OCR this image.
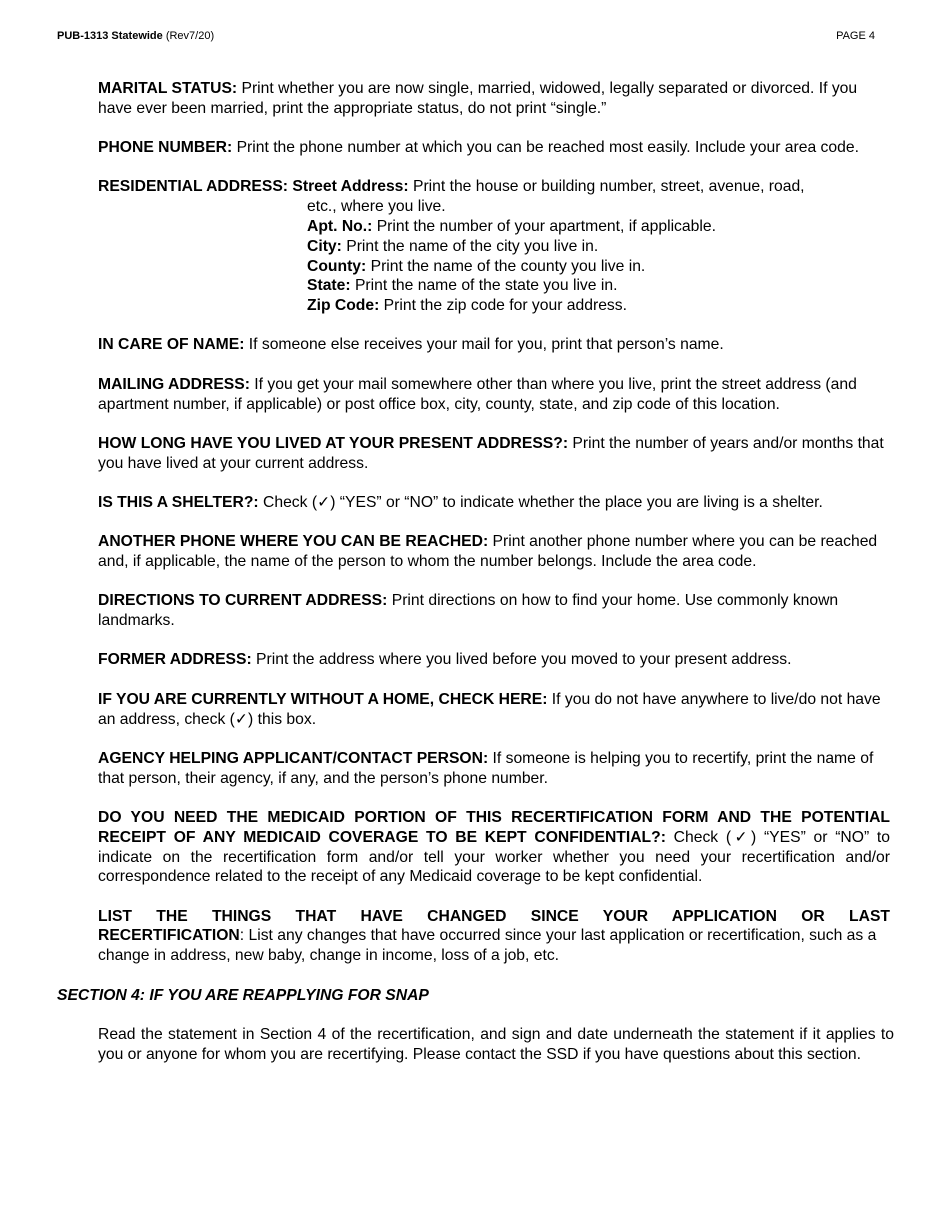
PUB-1313 Statewide (Rev7/20)	PAGE 4

MARITAL STATUS: Print whether you are now single, married, widowed, legally separated or divorced. If you have ever been married, print the appropriate status, do not print “single.”

PHONE NUMBER: Print the phone number at which you can be reached most easily. Include your area code.

RESIDENTIAL ADDRESS: Street Address: Print the house or building number, street, avenue, road,
etc., where you live.
Apt. No.: Print the number of your apartment, if applicable.
City: Print the name of the city you live in.
County: Print the name of the county you live in.
State: Print the name of the state you live in.
Zip Code: Print the zip code for your address.

IN CARE OF NAME: If someone else receives your mail for you, print that person’s name.

MAILING ADDRESS: If you get your mail somewhere other than where you live, print the street address (and apartment number, if applicable) or post office box, city, county, state, and zip code of this location.

HOW LONG HAVE YOU LIVED AT YOUR PRESENT ADDRESS?: Print the number of years and/or months that you have lived at your current address.

IS THIS A SHELTER?: Check (✓) “YES” or “NO” to indicate whether the place you are living is a shelter.

ANOTHER PHONE WHERE YOU CAN BE REACHED: Print another phone number where you can be reached and, if applicable, the name of the person to whom the number belongs. Include the area code.

DIRECTIONS TO CURRENT ADDRESS: Print directions on how to find your home. Use commonly known landmarks.

FORMER ADDRESS: Print the address where you lived before you moved to your present address.

IF YOU ARE CURRENTLY WITHOUT A HOME, CHECK HERE: If you do not have anywhere to live/do not have an address, check (✓) this box.

AGENCY HELPING APPLICANT/CONTACT PERSON: If someone is helping you to recertify, print the name of that person, their agency, if any, and the person’s phone number.

DO YOU NEED THE MEDICAID PORTION OF THIS RECERTIFICATION FORM AND THE POTENTIAL RECEIPT OF ANY MEDICAID COVERAGE TO BE KEPT CONFIDENTIAL?: Check (✓) “YES” or “NO” to indicate on the recertification form and/or tell your worker whether you need your recertification and/or correspondence related to the receipt of any Medicaid coverage to be kept confidential.

LIST THE THINGS THAT HAVE CHANGED SINCE YOUR APPLICATION OR LAST
RECERTIFICATION: List any changes that have occurred since your last application or recertification, such as a change in address, new baby, change in income, loss of a job, etc.
SECTION 4: IF YOU ARE REAPPLYING FOR SNAP

Read the statement in Section 4 of the recertification, and sign and date underneath the statement if it applies to you or anyone for whom you are recertifying. Please contact the SSD if you have questions about this section.
